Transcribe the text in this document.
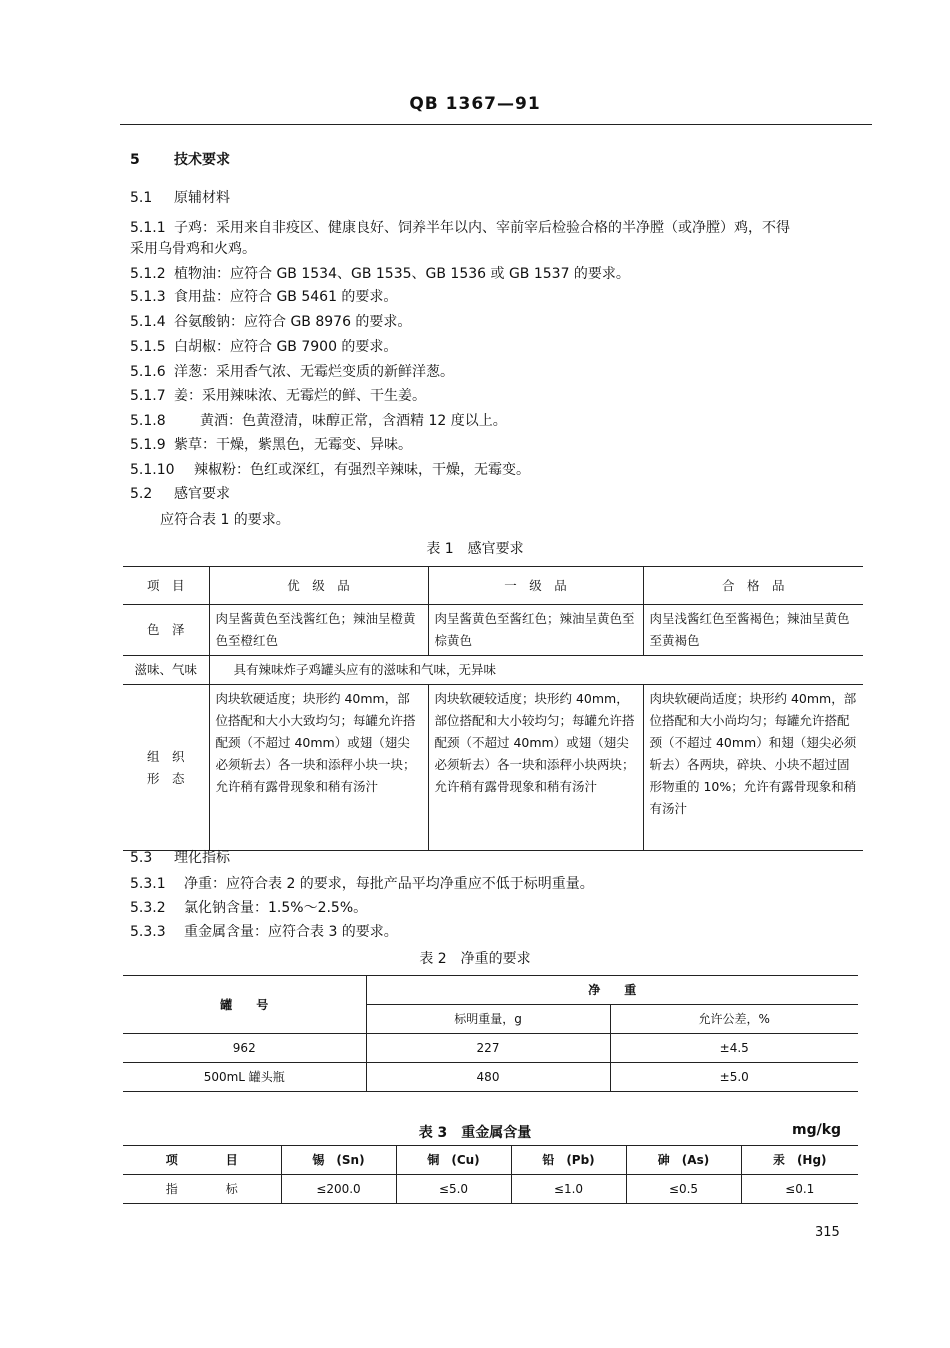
QB 1367—91
5 技术要求
5.1 原辅材料
5.1.1 子鸡：采用来自非疫区、健康良好、饲养半年以内、宰前宰后检验合格的半净膛（或净膛）鸡，不得
采用乌骨鸡和火鸡。
5.1.2 植物油：应符合 GB 1534、GB 1535、GB 1536 或 GB 1537 的要求。
5.1.3 食用盐：应符合 GB 5461 的要求。
5.1.4 谷氨酸钠：应符合 GB 8976 的要求。
5.1.5 白胡椒：应符合 GB 7900 的要求。
5.1.6 洋葱：采用香气浓、无霉烂变质的新鲜洋葱。
5.1.7 姜：采用辣味浓、无霉烂的鲜、干生姜。
5.1.8 黄酒：色黄澄清，味醇正常，含酒精 12 度以上。
5.1.9 紫草：干燥，紫黑色，无霉变、异味。
5.1.10 辣椒粉：色红或深红，有强烈辛辣味，干燥，无霉变。
5.2 感官要求
应符合表 1 的要求。
表 1　感官要求
项　目	优　级　品	一　级　品	合　格　品
色　泽	肉呈酱黄色至浅酱红色；辣油呈橙黄色至橙红色	肉呈酱黄色至酱红色；辣油呈黄色至棕黄色	肉呈浅酱红色至酱褐色；辣油呈黄色至黄褐色
滋味、气味	具有辣味炸子鸡罐头应有的滋味和气味，无异味		
组　织 形　态	肉块软硬适度；块形约 40mm，部位搭配和大小大致均匀；每罐允许搭配颈（不超过 40mm）或翅（翅尖必须斩去）各一块和添秤小块一块；允许稍有露骨现象和稍有汤汁	肉块软硬较适度；块形约 40mm，部位搭配和大小较均匀；每罐允许搭配颈（不超过 40mm）或翅（翅尖必须斩去）各一块和添秤小块两块；允许稍有露骨现象和稍有汤汁	肉块软硬尚适度；块形约 40mm，部位搭配和大小尚均匀；每罐允许搭配颈（不超过 40mm）和翅（翅尖必须斩去）各两块，碎块、小块不超过固形物重的 10%；允许有露骨现象和稍有汤汁
5.3 理化指标
5.3.1 净重：应符合表 2 的要求，每批产品平均净重应不低于标明重量。
5.3.2 氯化钠含量：1.5%～2.5%。
5.3.3 重金属含量：应符合表 3 的要求。
表 2　净重的要求
罐　　号	净　　重	
	标明重量，g	允许公差，%
962	227	±4.5
500mL 罐头瓶	480	±5.0
表 3　重金属含量	mg/kg
项　　　　目	锡　(Sn)	铜　(Cu)	铅　(Pb)	砷　(As)	汞　(Hg)
指　　　　标	≤200.0	≤5.0	≤1.0	≤0.5	≤0.1
315
